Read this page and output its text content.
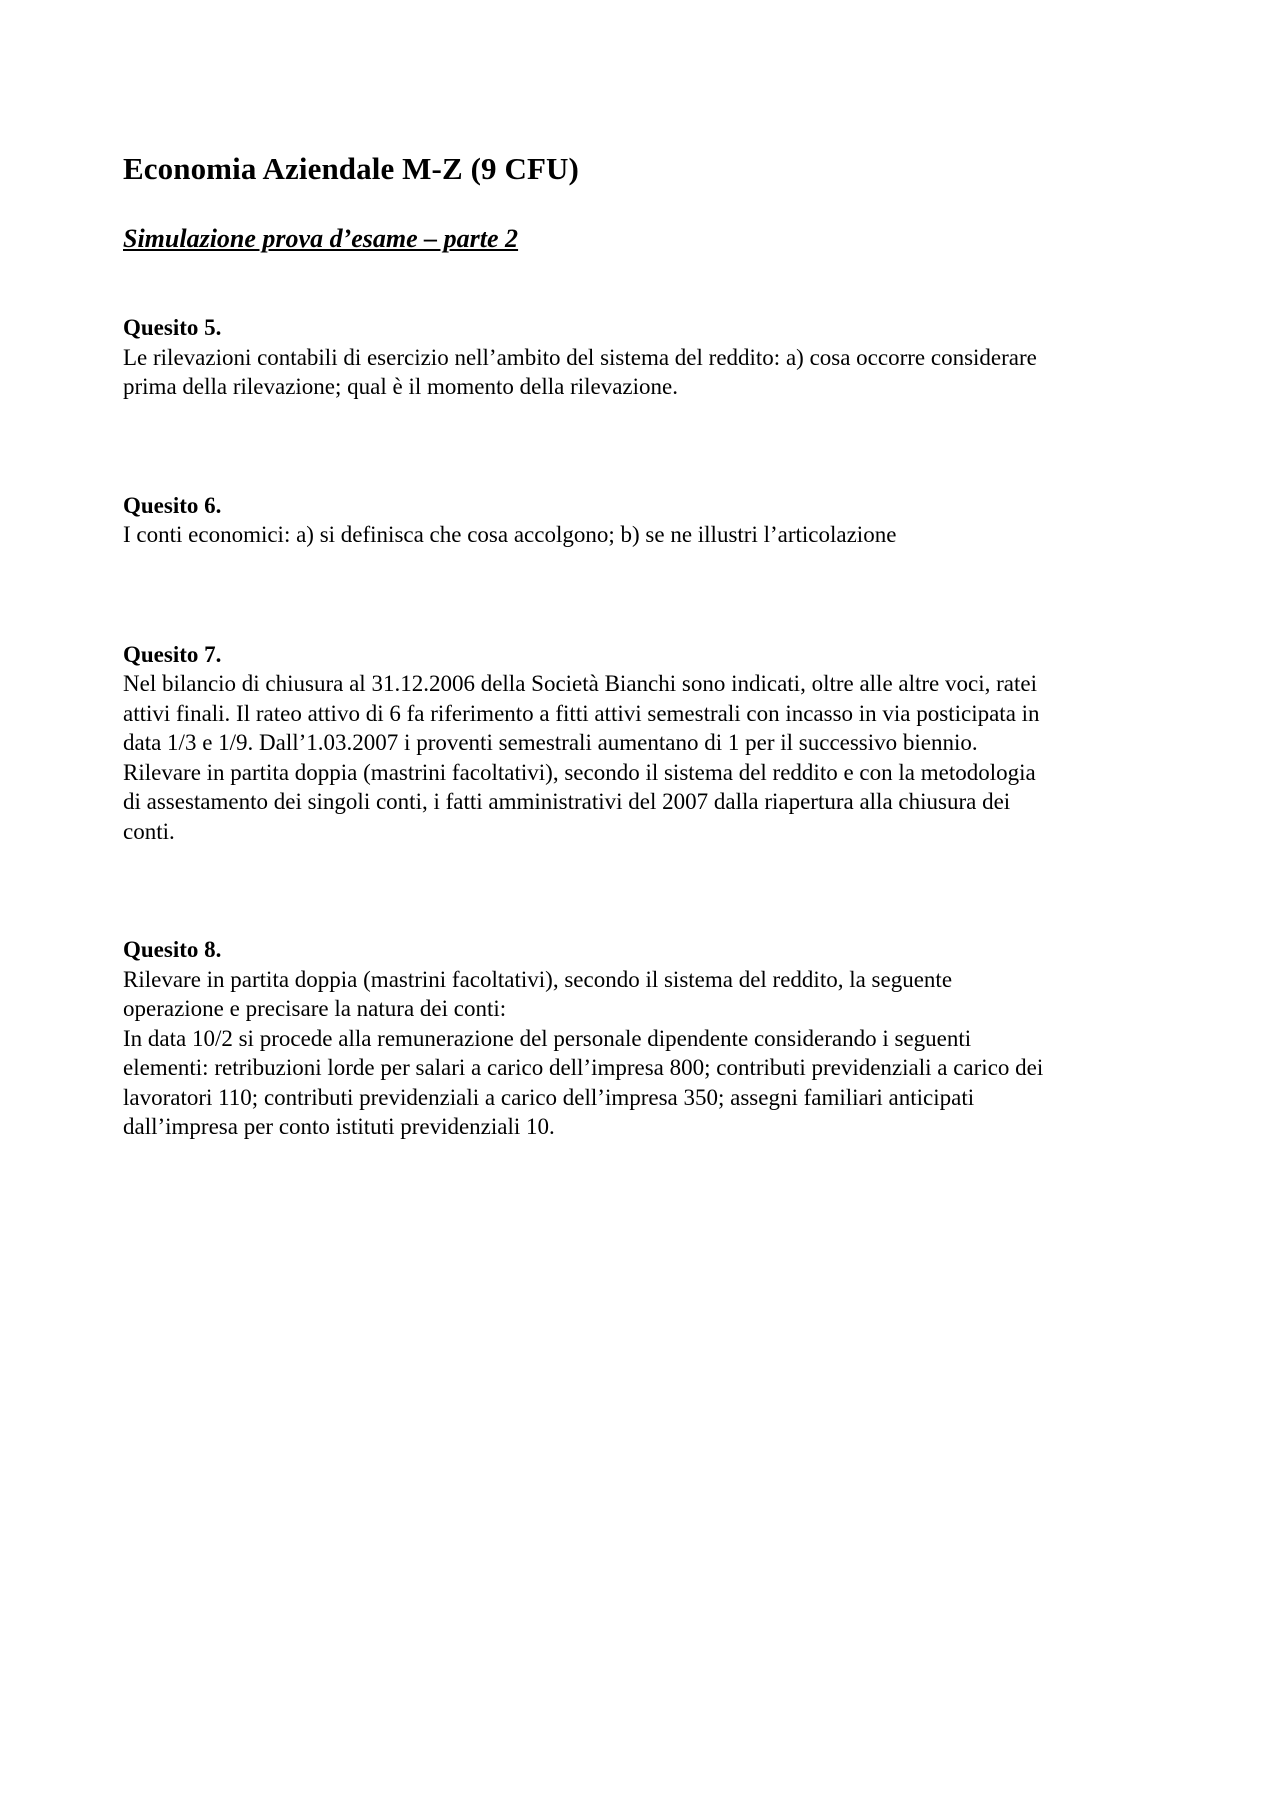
Economia Aziendale M-Z (9 CFU)
Simulazione prova d’esame – parte 2

Quesito 5.

Le rilevazioni contabili di esercizio nell’ambito del sistema del reddito: a) cosa occorre considerare
prima della rilevazione; qual è il momento della rilevazione.

Quesito 6.

I conti economici: a) si definisca che cosa accolgono; b) se ne illustri l’articolazione

Quesito 7.

Nel bilancio di chiusura al 31.12.2006 della Società Bianchi sono indicati, oltre alle altre voci, ratei
attivi finali. Il rateo attivo di 6 fa riferimento a fitti attivi semestrali con incasso in via posticipata in
data 1/3 e 1/9. Dall’1.03.2007 i proventi semestrali aumentano di 1 per il successivo biennio.
Rilevare in partita doppia (mastrini facoltativi), secondo il sistema del reddito e con la metodologia
di assestamento dei singoli conti, i fatti amministrativi del 2007 dalla riapertura alla chiusura dei
conti.

Quesito 8.

Rilevare in partita doppia (mastrini facoltativi), secondo il sistema del reddito, la seguente
operazione e precisare la natura dei conti:
In data 10/2 si procede alla remunerazione del personale dipendente considerando i seguenti
elementi: retribuzioni lorde per salari a carico dell’impresa 800; contributi previdenziali a carico dei
lavoratori 110; contributi previdenziali a carico dell’impresa 350; assegni familiari anticipati
dall’impresa per conto istituti previdenziali 10.
